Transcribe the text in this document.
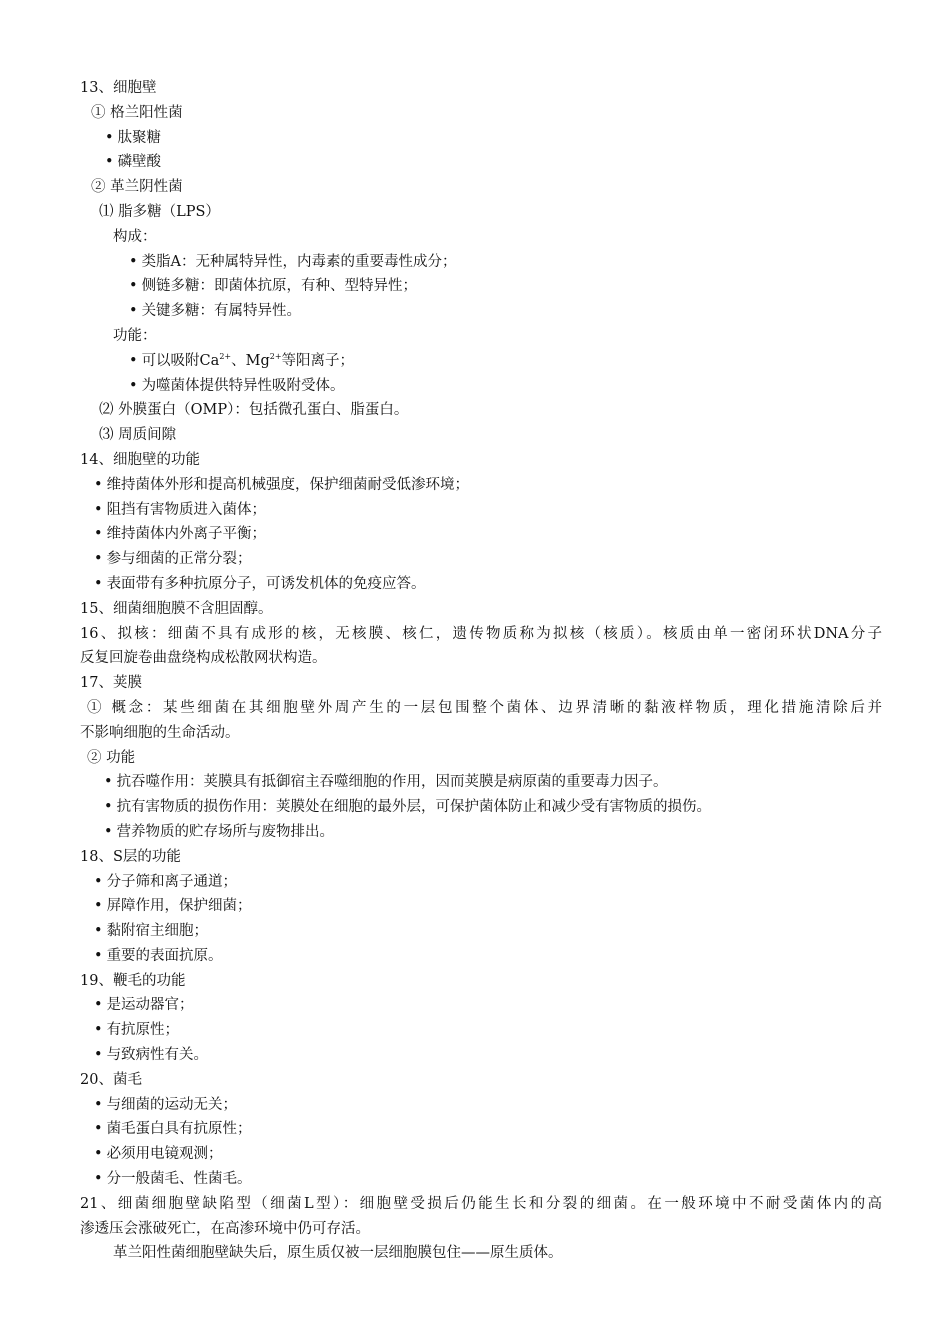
13、细胞壁
① 格兰阳性菌
• 肽聚糖
• 磷壁酸
② 革兰阴性菌
⑴ 脂多糖（LPS）
构成：
• 类脂A：无种属特异性，内毒素的重要毒性成分；
• 侧链多糖：即菌体抗原，有种、型特异性；
• 关键多糖：有属特异性。
功能：
• 可以吸附$Ca^{2+}$、$Mg^{2+}$等阳离子；
• 为噬菌体提供特异性吸附受体。
⑵ 外膜蛋白（OMP）：包括微孔蛋白、脂蛋白。
⑶ 周质间隙
14、细胞壁的功能
• 维持菌体外形和提高机械强度，保护细菌耐受低渗环境；
• 阻挡有害物质进入菌体；
• 维持菌体内外离子平衡；
• 参与细菌的正常分裂；
• 表面带有多种抗原分子，可诱发机体的免疫应答。
15、细菌细胞膜不含胆固醇。
16、拟核：细菌不具有成形的核，无核膜、核仁，遗传物质称为拟核（核质）。核质由单一密闭环状DNA分子
反复回旋卷曲盘绕构成松散网状构造。
17、荚膜
① 概念：某些细菌在其细胞壁外周产生的一层包围整个菌体、边界清晰的黏液样物质，理化措施清除后并
不影响细胞的生命活动。
② 功能
• 抗吞噬作用：荚膜具有抵御宿主吞噬细胞的作用，因而荚膜是病原菌的重要毒力因子。
• 抗有害物质的损伤作用：荚膜处在细胞的最外层，可保护菌体防止和减少受有害物质的损伤。
• 营养物质的贮存场所与废物排出。
18、S层的功能
• 分子筛和离子通道；
• 屏障作用，保护细菌；
• 黏附宿主细胞；
• 重要的表面抗原。
19、鞭毛的功能
• 是运动器官；
• 有抗原性；
• 与致病性有关。
20、菌毛
• 与细菌的运动无关；
• 菌毛蛋白具有抗原性；
• 必须用电镜观测；
• 分一般菌毛、性菌毛。
21、细菌细胞壁缺陷型（细菌L型）：细胞壁受损后仍能生长和分裂的细菌。在一般环境中不耐受菌体内的高
渗透压会涨破死亡，在高渗环境中仍可存活。
革兰阳性菌细胞壁缺失后，原生质仅被一层细胞膜包住——原生质体。
